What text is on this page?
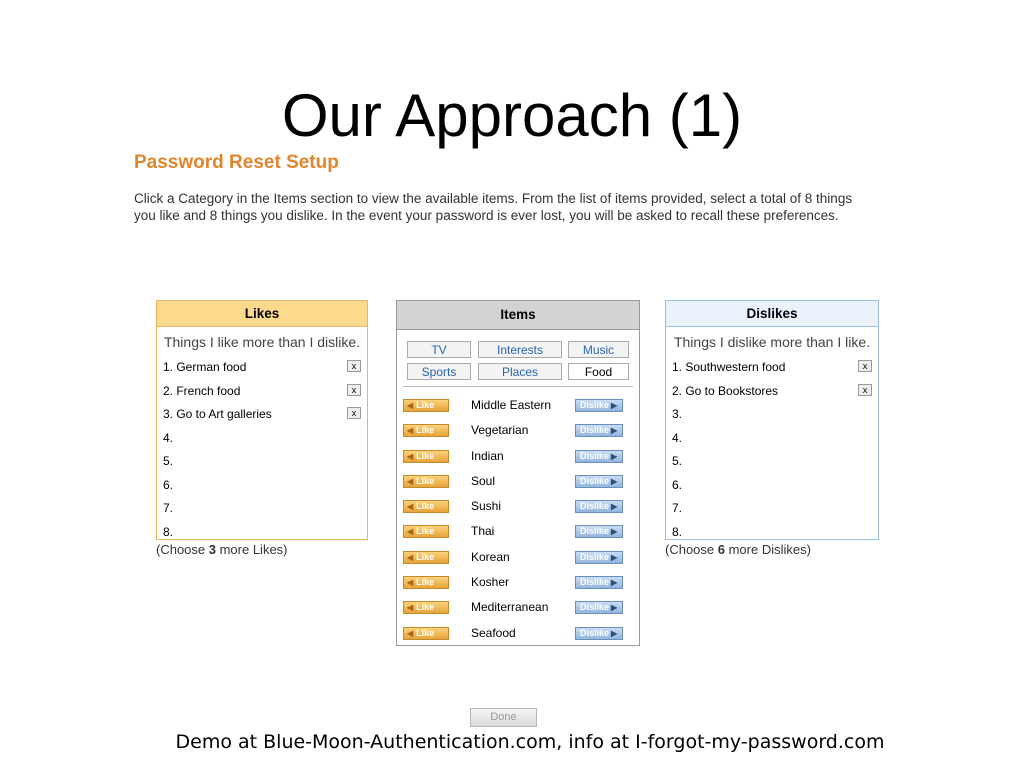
Our Approach (1)
Password Reset Setup

Click a Category in the Items section to view the available items. From the list of items provided, select a total of 8 things you like and 8 things you dislike. In the event your password is ever lost, you will be asked to recall these preferences.

Likes
Things I like more than I dislike.
1. German food	x
2. French food	x
3. Go to Art galleries	x
4.
5.
6.
7.
8.

(Choose 3 more Likes)

Items
TV	Interests	Music
Sports	Places	Food
◀ Like	Middle Eastern	Dislike ▶
◀ Like	Vegetarian	Dislike ▶
◀ Like	Indian	Dislike ▶
◀ Like	Soul	Dislike ▶
◀ Like	Sushi	Dislike ▶
◀ Like	Thai	Dislike ▶
◀ Like	Korean	Dislike ▶
◀ Like	Kosher	Dislike ▶
◀ Like	Mediterranean	Dislike ▶
◀ Like	Seafood	Dislike ▶
Dislikes
Things I dislike more than I like.
1. Southwestern food	x
2. Go to Bookstores	x
3.
4.
5.
6.
7.
8.

(Choose 6 more Dislikes)

Done

Demo at Blue-Moon-Authentication.com, info at I-forgot-my-password.com
